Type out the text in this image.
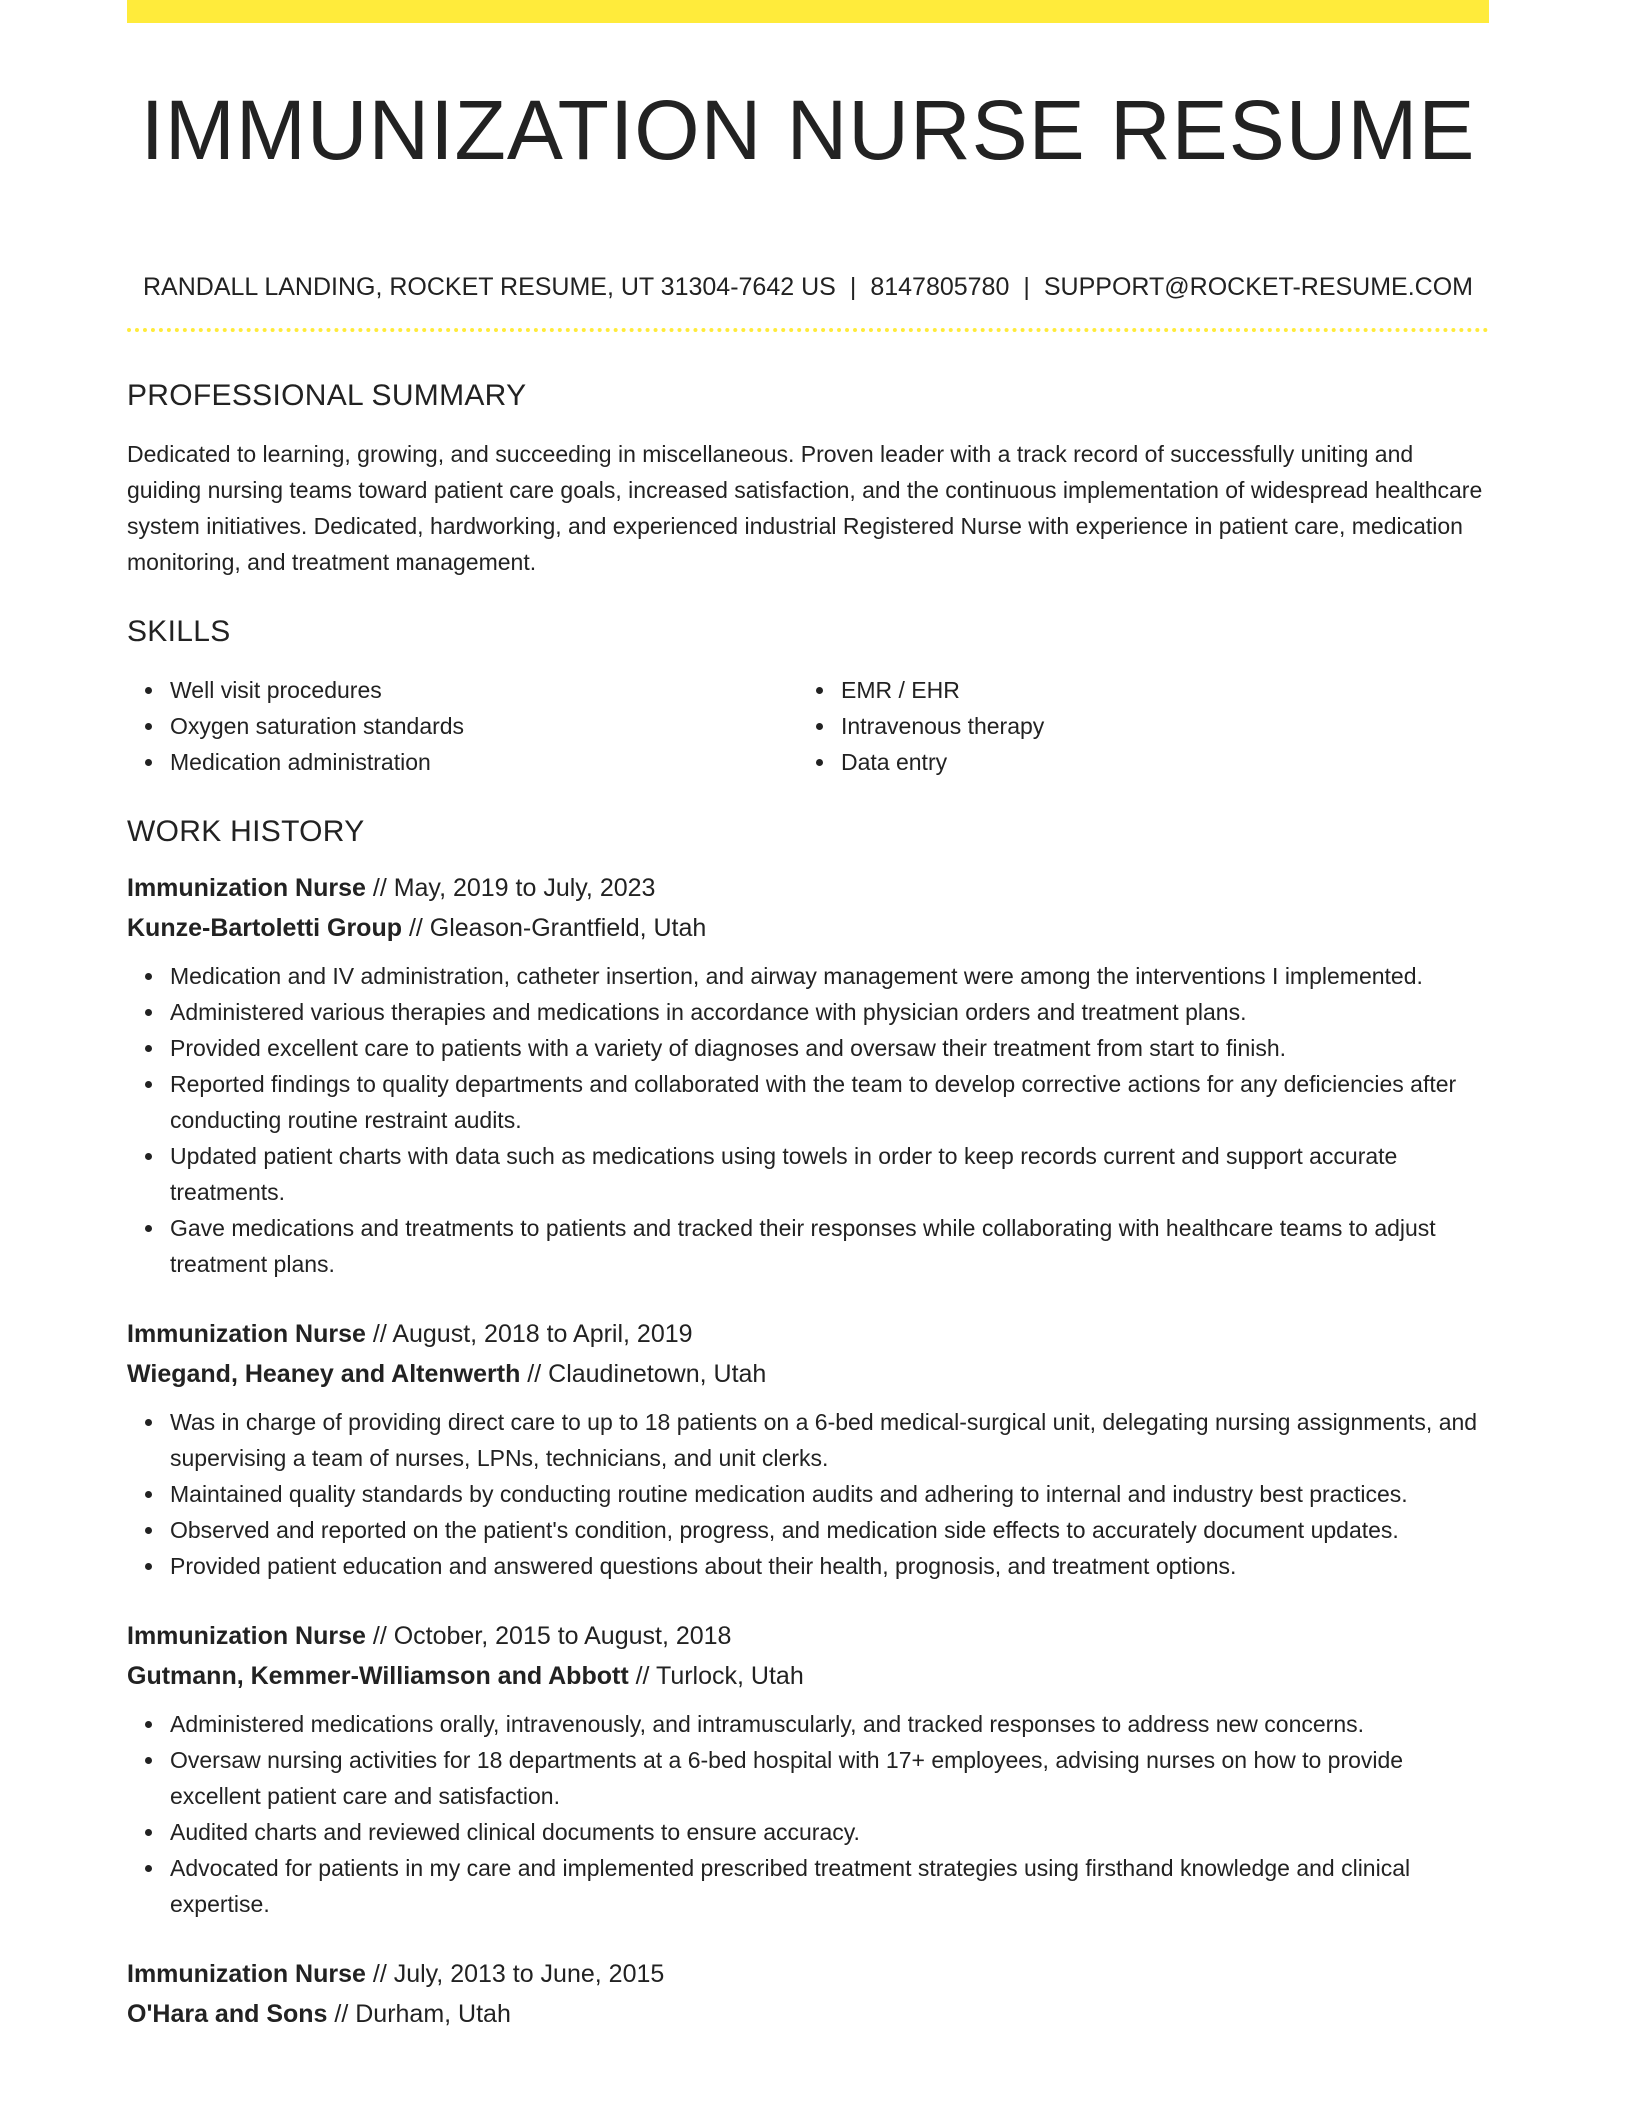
IMMUNIZATION NURSE RESUME
RANDALL LANDING, ROCKET RESUME, UT 31304-7642 US | 8147805780 | SUPPORT@ROCKET-RESUME.COM
PROFESSIONAL SUMMARY

Dedicated to learning, growing, and succeeding in miscellaneous. Proven leader with a track record of successfully uniting and guiding nursing teams toward patient care goals, increased satisfaction, and the continuous implementation of widespread healthcare system initiatives. Dedicated, hardworking, and experienced industrial Registered Nurse with experience in patient care, medication monitoring, and treatment management.

SKILLS
Well visit procedures
Oxygen saturation standards
Medication administration
EMR / EHR
Intravenous therapy
Data entry
WORK HISTORY
Immunization Nurse // May, 2019 to July, 2023
Kunze-Bartoletti Group // Gleason-Grantfield, Utah
Medication and IV administration, catheter insertion, and airway management were among the interventions I implemented.
Administered various therapies and medications in accordance with physician orders and treatment plans.
Provided excellent care to patients with a variety of diagnoses and oversaw their treatment from start to finish.
Reported findings to quality departments and collaborated with the team to develop corrective actions for any deficiencies after conducting routine restraint audits.
Updated patient charts with data such as medications using towels in order to keep records current and support accurate treatments.
Gave medications and treatments to patients and tracked their responses while collaborating with healthcare teams to adjust treatment plans.
Immunization Nurse // August, 2018 to April, 2019
Wiegand, Heaney and Altenwerth // Claudinetown, Utah
Was in charge of providing direct care to up to 18 patients on a 6-bed medical-surgical unit, delegating nursing assignments, and supervising a team of nurses, LPNs, technicians, and unit clerks.
Maintained quality standards by conducting routine medication audits and adhering to internal and industry best practices.
Observed and reported on the patient's condition, progress, and medication side effects to accurately document updates.
Provided patient education and answered questions about their health, prognosis, and treatment options.
Immunization Nurse // October, 2015 to August, 2018
Gutmann, Kemmer-Williamson and Abbott // Turlock, Utah
Administered medications orally, intravenously, and intramuscularly, and tracked responses to address new concerns.
Oversaw nursing activities for 18 departments at a 6-bed hospital with 17+ employees, advising nurses on how to provide excellent patient care and satisfaction.
Audited charts and reviewed clinical documents to ensure accuracy.
Advocated for patients in my care and implemented prescribed treatment strategies using firsthand knowledge and clinical expertise.
Immunization Nurse // July, 2013 to June, 2015
O'Hara and Sons // Durham, Utah
